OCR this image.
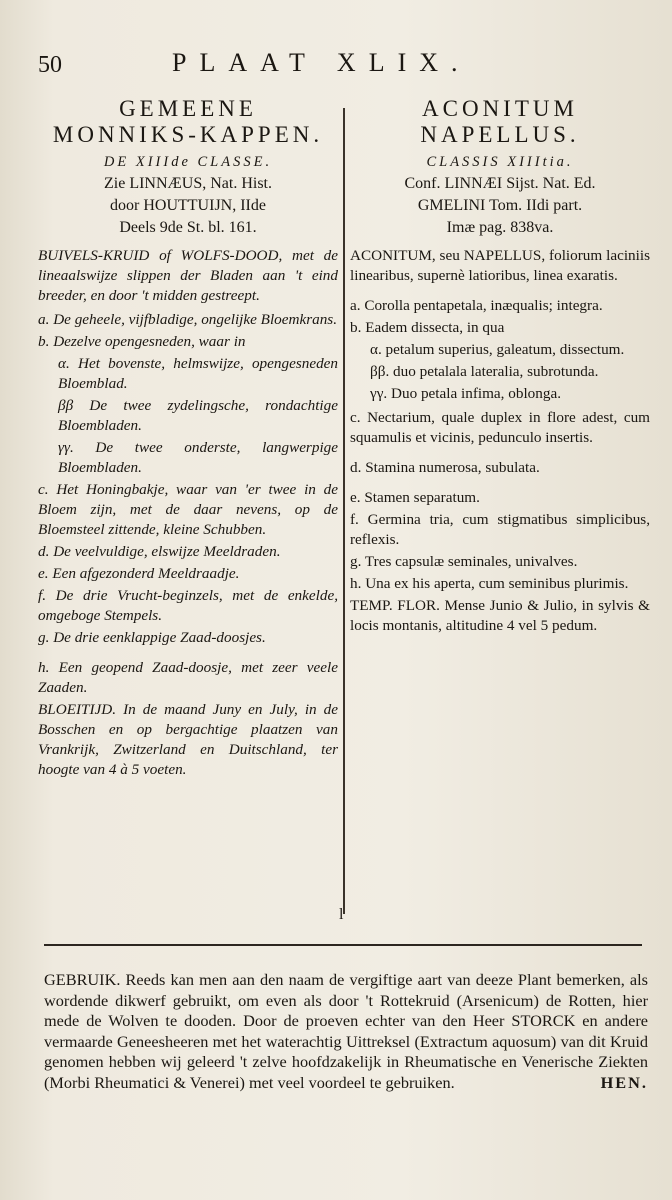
50	PLAAT XLIX.
GEMEENE
MONNIKS-KAPPEN.
DE XIIIde CLASSE.
Zie LINNÆUS, Nat. Hist.
door HOUTTUIJN, IIde
Deels 9de St. bl. 161.
BUIVELS-KRUID of WOLFS-DOOD, met de lineaalswijze slippen der Bladen aan 't eind breeder, en door 't midden gestreept.
a. De geheele, vijfbladige, ongelijke Bloemkrans.
b. Dezelve opengesneden, waar in
α. Het bovenste, helmswijze, opengesneden Bloemblad.
ββ De twee zydelingsche, rondachtige Bloembladen.
γγ. De twee onderste, langwerpige Bloembladen.
c. Het Honingbakje, waar van 'er twee in de Bloem zijn, met de daar nevens, op de Bloemsteel zittende, kleine Schubben.
d. De veelvuldige, elswijze Meeldraden.
e. Een afgezonderd Meeldraadje.
f. De drie Vrucht-beginzels, met de enkelde, omgeboge Stempels.
g. De drie eenklappige Zaad-doosjes.
h. Een geopend Zaad-doosje, met zeer veele Zaaden.
BLOEITIJD. In de maand Juny en July, in de Bosschen en op bergachtige plaatzen van Vrankrijk, Zwitzerland en Duitschland, ter hoogte van 4 à 5 voeten.
l
ACONITUM
NAPELLUS.
CLASSIS XIIItia.
Conf. LINNÆI Sijst. Nat. Ed.
GMELINI Tom. IIdi part.
Imæ pag. 838va.
ACONITUM, seu NAPELLUS, foliorum laciniis linearibus, supernè latioribus, linea exaratis.
a. Corolla pentapetala, inæqualis; integra.
b. Eadem dissecta, in qua
α. petalum superius, galeatum, dissectum.
ββ. duo petalala lateralia, subrotunda.
γγ. Duo petala infima, oblonga.
c. Nectarium, quale duplex in flore adest, cum squamulis et vicinis, pedunculo insertis.
d. Stamina numerosa, subulata.
e. Stamen separatum.
f. Germina tria, cum stigmatibus simplicibus, reflexis.
g. Tres capsulæ seminales, univalves.
h. Una ex his aperta, cum seminibus plurimis.
TEMP. FLOR. Mense Junio & Julio, in sylvis & locis montanis, altitudine 4 vel 5 pedum.
GEBRUIK. Reeds kan men aan den naam de vergiftige aart van deeze Plant bemerken, als wordende dikwerf gebruikt, om even als door 't Rottekruid (Arsenicum) de Rotten, hier mede de Wolven te dooden. Door de proeven echter van den Heer STORCK en andere vermaarde Geneesheeren met het waterachtig Uittreksel (Extractum aquosum) van dit Kruid genomen hebben wij geleerd 't zelve hoofdzakelijk in Rheumatische en Venerische Ziekten (Morbi Rheumatici & Venerei) met veel voordeel te gebruiken.	HEN.
